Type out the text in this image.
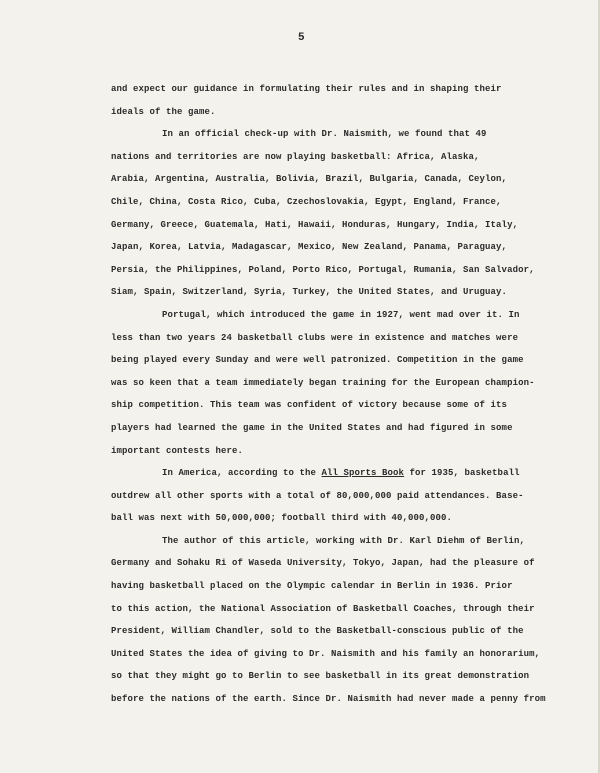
5
and expect our guidance in formulating their rules and in shaping their
ideals of the game.
In an official check-up with Dr. Naismith, we found that 49
nations and territories are now playing basketball: Africa, Alaska,
Arabia, Argentina, Australia, Bolivia, Brazil, Bulgaria, Canada, Ceylon,
Chile, China, Costa Rico, Cuba, Czechoslovakia, Egypt, England, France,
Germany, Greece, Guatemala, Hati, Hawaii, Honduras, Hungary, India, Italy,
Japan, Korea, Latvia, Madagascar, Mexico, New Zealand, Panama, Paraguay,
Persia, the Philippines, Poland, Porto Rico, Portugal, Rumania, San Salvador,
Siam, Spain, Switzerland, Syria, Turkey, the United States, and Uruguay.
Portugal, which introduced the game in 1927, went mad over it. In
less than two years 24 basketball clubs were in existence and matches were
being played every Sunday and were well patronized. Competition in the game
was so keen that a team immediately began training for the European champion-
ship competition. This team was confident of victory because some of its
players had learned the game in the United States and had figured in some
important contests here.
In America, according to the All Sports Book for 1935, basketball
outdrew all other sports with a total of 80,000,000 paid attendances. Base-
ball was next with 50,000,000; football third with 40,000,000.
The author of this article, working with Dr. Karl Diehm of Berlin,
Germany and Sohaku Ri of Waseda University, Tokyo, Japan, had the pleasure of
having basketball placed on the Olympic calendar in Berlin in 1936. Prior
to this action, the National Association of Basketball Coaches, through their
President, William Chandler, sold to the Basketball-conscious public of the
United States the idea of giving to Dr. Naismith and his family an honorarium,
so that they might go to Berlin to see basketball in its great demonstration
before the nations of the earth. Since Dr. Naismith had never made a penny from
